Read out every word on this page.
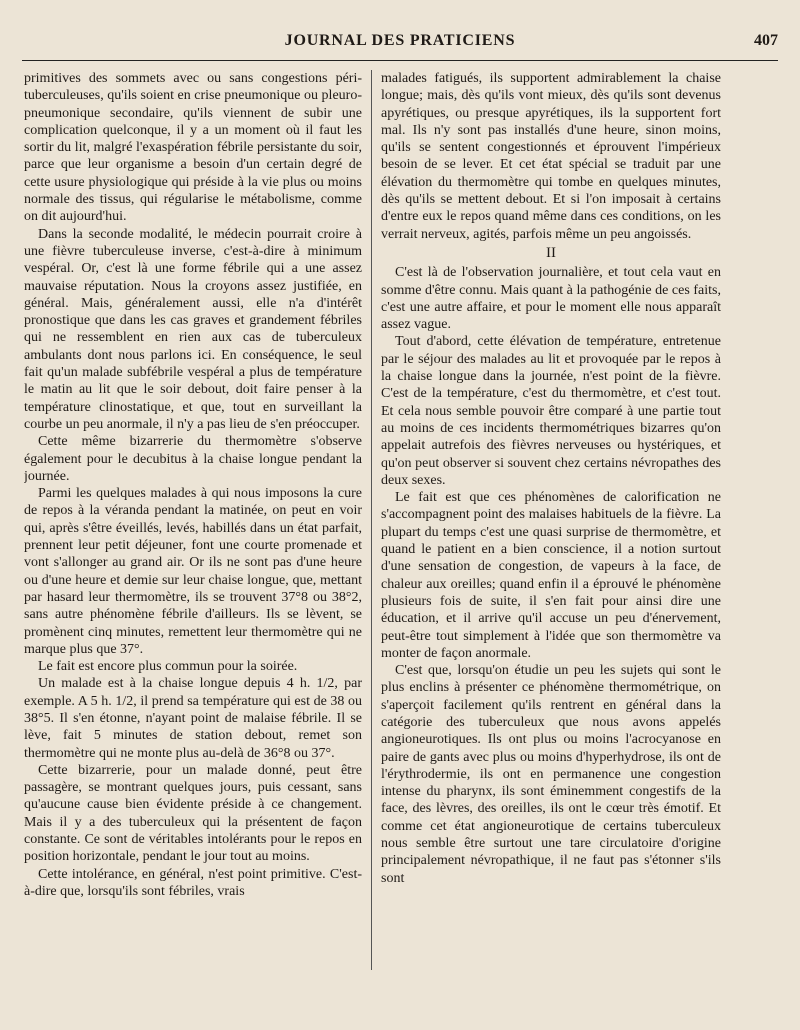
JOURNAL DES PRATICIENS	407

primitives des sommets avec ou sans congestions péri-tuberculeuses, qu'ils soient en crise pneumonique ou pleuro-pneumonique secondaire, qu'ils viennent de subir une complication quelconque, il y a un moment où il faut les sortir du lit, malgré l'exaspération fébrile persistante du soir, parce que leur organisme a besoin d'un certain degré de cette usure physiologique qui préside à la vie plus ou moins normale des tissus, qui régularise le métabolisme, comme on dit aujourd'hui.

Dans la seconde modalité, le médecin pourrait croire à une fièvre tuberculeuse inverse, c'est-à-dire à minimum vespéral. Or, c'est là une forme fébrile qui a une assez mauvaise réputation. Nous la croyons assez justifiée, en général. Mais, généralement aussi, elle n'a d'intérêt pronostique que dans les cas graves et grandement fébriles qui ne ressemblent en rien aux cas de tuberculeux ambulants dont nous parlons ici. En conséquence, le seul fait qu'un malade subfébrile vespéral a plus de température le matin au lit que le soir debout, doit faire penser à la température clinostatique, et que, tout en surveillant la courbe un peu anormale, il n'y a pas lieu de s'en préoccuper.

Cette même bizarrerie du thermomètre s'observe également pour le decubitus à la chaise longue pendant la journée.

Parmi les quelques malades à qui nous imposons la cure de repos à la véranda pendant la matinée, on peut en voir qui, après s'être éveillés, levés, habillés dans un état parfait, prennent leur petit déjeuner, font une courte promenade et vont s'allonger au grand air. Or ils ne sont pas d'une heure ou d'une heure et demie sur leur chaise longue, que, mettant par hasard leur thermomètre, ils se trouvent 37°8 ou 38°2, sans autre phénomène fébrile d'ailleurs. Ils se lèvent, se promènent cinq minutes, remettent leur thermomètre qui ne marque plus que 37°.

Le fait est encore plus commun pour la soirée.

Un malade est à la chaise longue depuis 4 h. 1/2, par exemple. A 5 h. 1/2, il prend sa température qui est de 38 ou 38°5. Il s'en étonne, n'ayant point de malaise fébrile. Il se lève, fait 5 minutes de station debout, remet son thermomètre qui ne monte plus au-delà de 36°8 ou 37°.

Cette bizarrerie, pour un malade donné, peut être passagère, se montrant quelques jours, puis cessant, sans qu'aucune cause bien évidente préside à ce changement. Mais il y a des tuberculeux qui la présentent de façon constante. Ce sont de véritables intolérants pour le repos en position horizontale, pendant le jour tout au moins.

Cette intolérance, en général, n'est point primitive. C'est-à-dire que, lorsqu'ils sont fébriles, vrais

malades fatigués, ils supportent admirablement la chaise longue; mais, dès qu'ils vont mieux, dès qu'ils sont devenus apyrétiques, ou presque apyrétiques, ils la supportent fort mal. Ils n'y sont pas installés d'une heure, sinon moins, qu'ils se sentent congestionnés et éprouvent l'impérieux besoin de se lever. Et cet état spécial se traduit par une élévation du thermomètre qui tombe en quelques minutes, dès qu'ils se mettent debout. Et si l'on imposait à certains d'entre eux le repos quand même dans ces conditions, on les verrait nerveux, agités, parfois même un peu angoissés.

II

C'est là de l'observation journalière, et tout cela vaut en somme d'être connu. Mais quant à la pathogénie de ces faits, c'est une autre affaire, et pour le moment elle nous apparaît assez vague.

Tout d'abord, cette élévation de température, entretenue par le séjour des malades au lit et provoquée par le repos à la chaise longue dans la journée, n'est point de la fièvre. C'est de la température, c'est du thermomètre, et c'est tout. Et cela nous semble pouvoir être comparé à une partie tout au moins de ces incidents thermométriques bizarres qu'on appelait autrefois des fièvres nerveuses ou hystériques, et qu'on peut observer si souvent chez certains névropathes des deux sexes.

Le fait est que ces phénomènes de calorification ne s'accompagnent point des malaises habituels de la fièvre. La plupart du temps c'est une quasi surprise de thermomètre, et quand le patient en a bien conscience, il a notion surtout d'une sensation de congestion, de vapeurs à la face, de chaleur aux oreilles; quand enfin il a éprouvé le phénomène plusieurs fois de suite, il s'en fait pour ainsi dire une éducation, et il arrive qu'il accuse un peu d'énervement, peut-être tout simplement à l'idée que son thermomètre va monter de façon anormale.

C'est que, lorsqu'on étudie un peu les sujets qui sont le plus enclins à présenter ce phénomène thermométrique, on s'aperçoit facilement qu'ils rentrent en général dans la catégorie des tuberculeux que nous avons appelés angioneurotiques. Ils ont plus ou moins l'acrocyanose en paire de gants avec plus ou moins d'hyperhydrose, ils ont de l'érythrodermie, ils ont en permanence une congestion intense du pharynx, ils sont éminemment congestifs de la face, des lèvres, des oreilles, ils ont le cœur très émotif. Et comme cet état angioneurotique de certains tuberculeux nous semble être surtout une tare circulatoire d'origine principalement névropathique, il ne faut pas s'étonner s'ils sont
